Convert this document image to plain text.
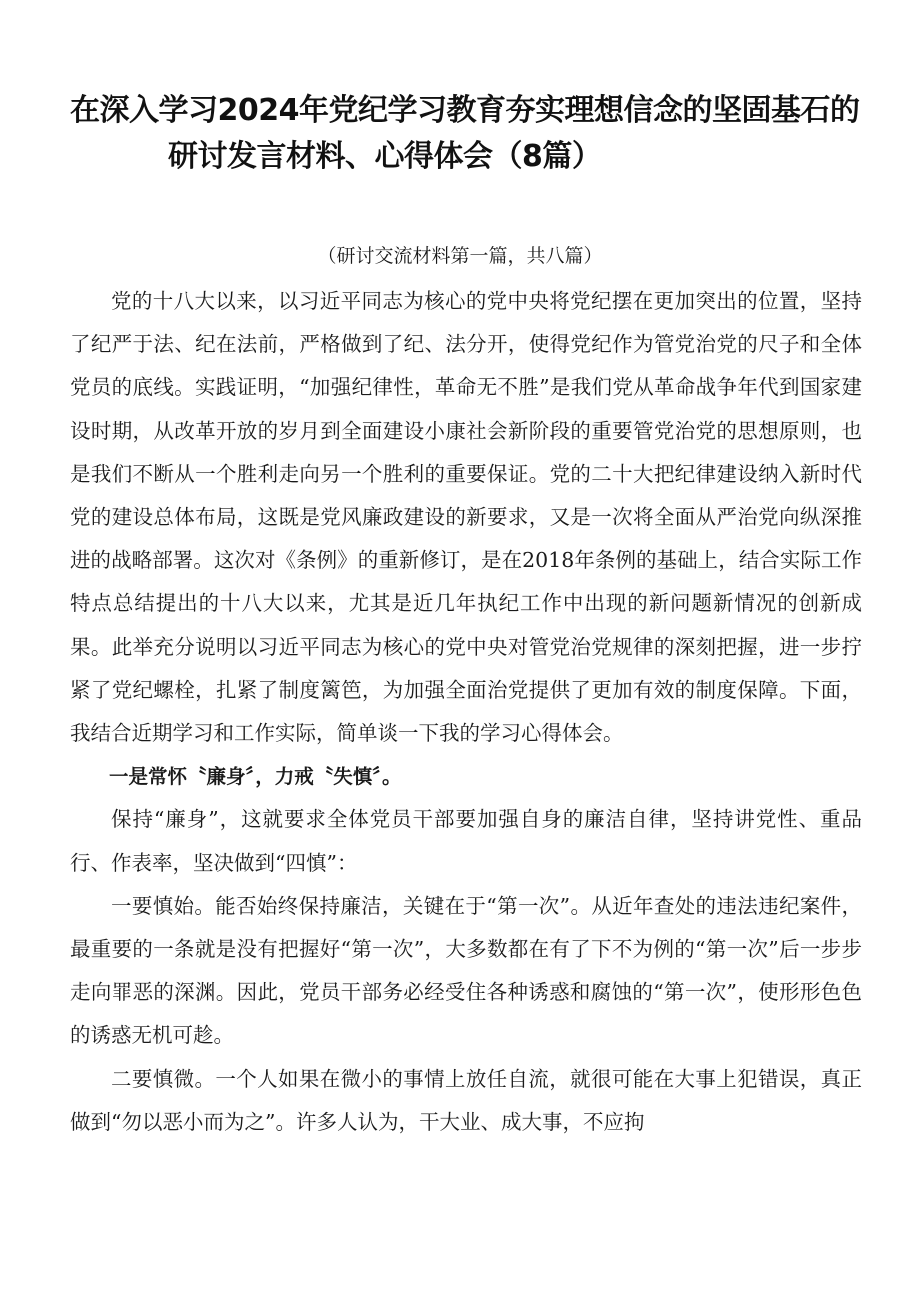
在深入学习2024年党纪学习教育夯实理想信念的坚固基石的
研讨发言材料、心得体会（8篇）
（研讨交流材料第一篇，共八篇）

党的十八大以来，以习近平同志为核心的党中央将党纪摆在更加突出的位置，坚持了纪严于法、纪在法前，严格做到了纪、法分开，使得党纪作为管党治党的尺子和全体党员的底线。实践证明，“加强纪律性，革命无不胜”是我们党从革命战争年代到国家建设时期，从改革开放的岁月到全面建设小康社会新阶段的重要管党治党的思想原则，也是我们不断从一个胜利走向另一个胜利的重要保证。党的二十大把纪律建设纳入新时代党的建设总体布局，这既是党风廉政建设的新要求，又是一次将全面从严治党向纵深推进的战略部署。这次对《条例》的重新修订，是在2018年条例的基础上，结合实际工作特点总结提出的十八大以来，尤其是近几年执纪工作中出现的新问题新情况的创新成果。此举充分说明以习近平同志为核心的党中央对管党治党规律的深刻把握，进一步拧紧了党纪螺栓，扎紧了制度篱笆，为加强全面治党提供了更加有效的制度保障。下面，我结合近期学习和工作实际，简单谈一下我的学习心得体会。

一是常怀〝廉身〞，力戒〝失慎〞。

保持“廉身”，这就要求全体党员干部要加强自身的廉洁自律，坚持讲党性、重品行、作表率，坚决做到“四慎”：

一要慎始。能否始终保持廉洁，关键在于“第一次”。从近年查处的违法违纪案件，最重要的一条就是没有把握好“第一次”，大多数都在有了下不为例的“第一次”后一步步走向罪恶的深渊。因此，党员干部务必经受住各种诱惑和腐蚀的“第一次”，使形形色色的诱惑无机可趁。

二要慎微。一个人如果在微小的事情上放任自流，就很可能在大事上犯错误，真正做到“勿以恶小而为之”。许多人认为，干大业、成大事，不应拘
